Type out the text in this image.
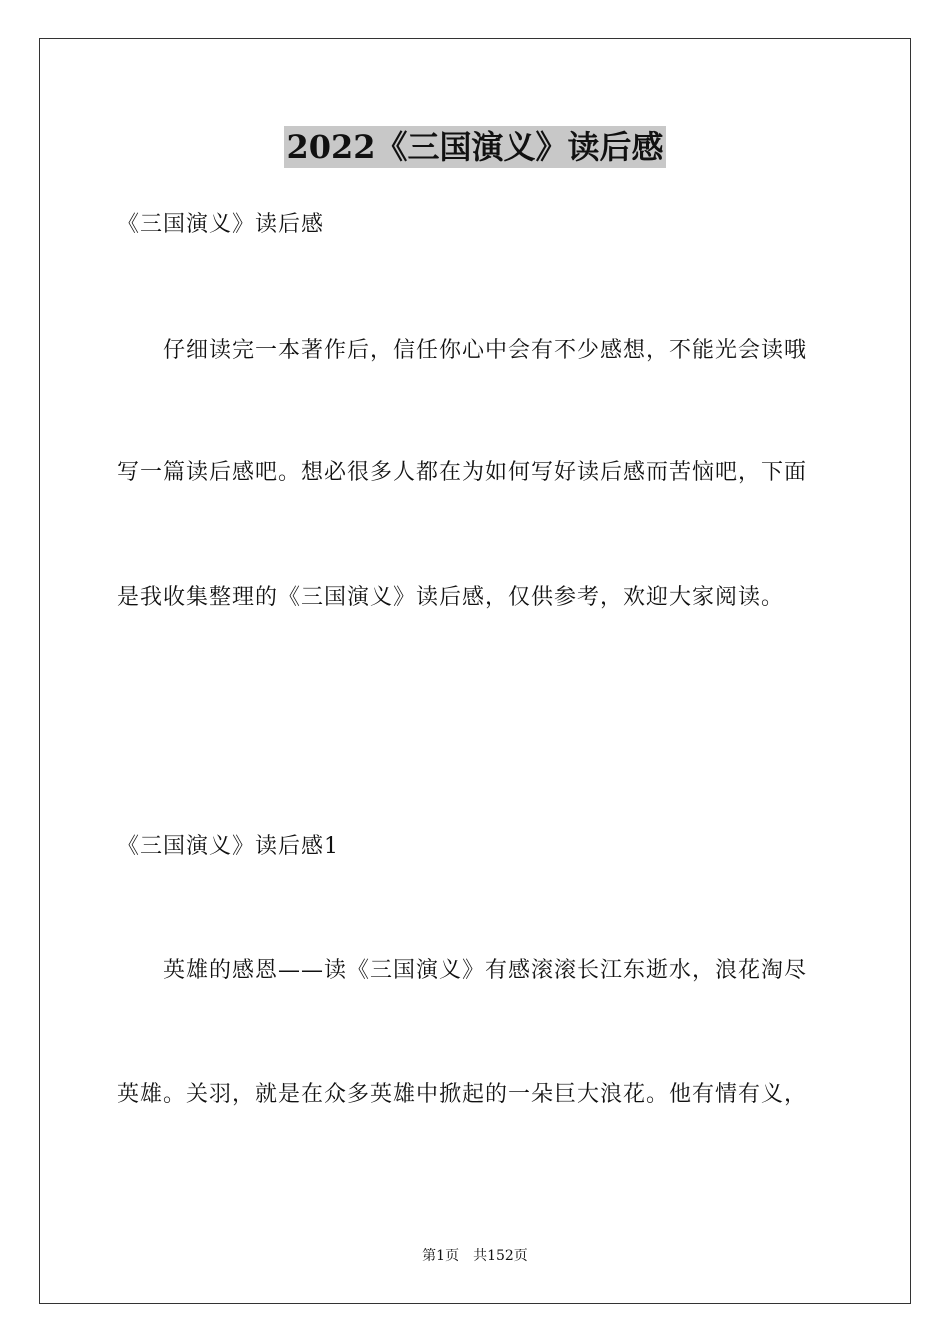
2022《三国演义》读后感
《三国演义》读后感
仔细读完一本著作后，信任你心中会有不少感想，不能光会读哦
写一篇读后感吧。想必很多人都在为如何写好读后感而苦恼吧，下面
是我收集整理的《三国演义》读后感，仅供参考，欢迎大家阅读。
《三国演义》读后感1
英雄的感恩——读《三国演义》有感滚滚长江东逝水，浪花淘尽
英雄。关羽，就是在众多英雄中掀起的一朵巨大浪花。他有情有义，
第1页　共152页
